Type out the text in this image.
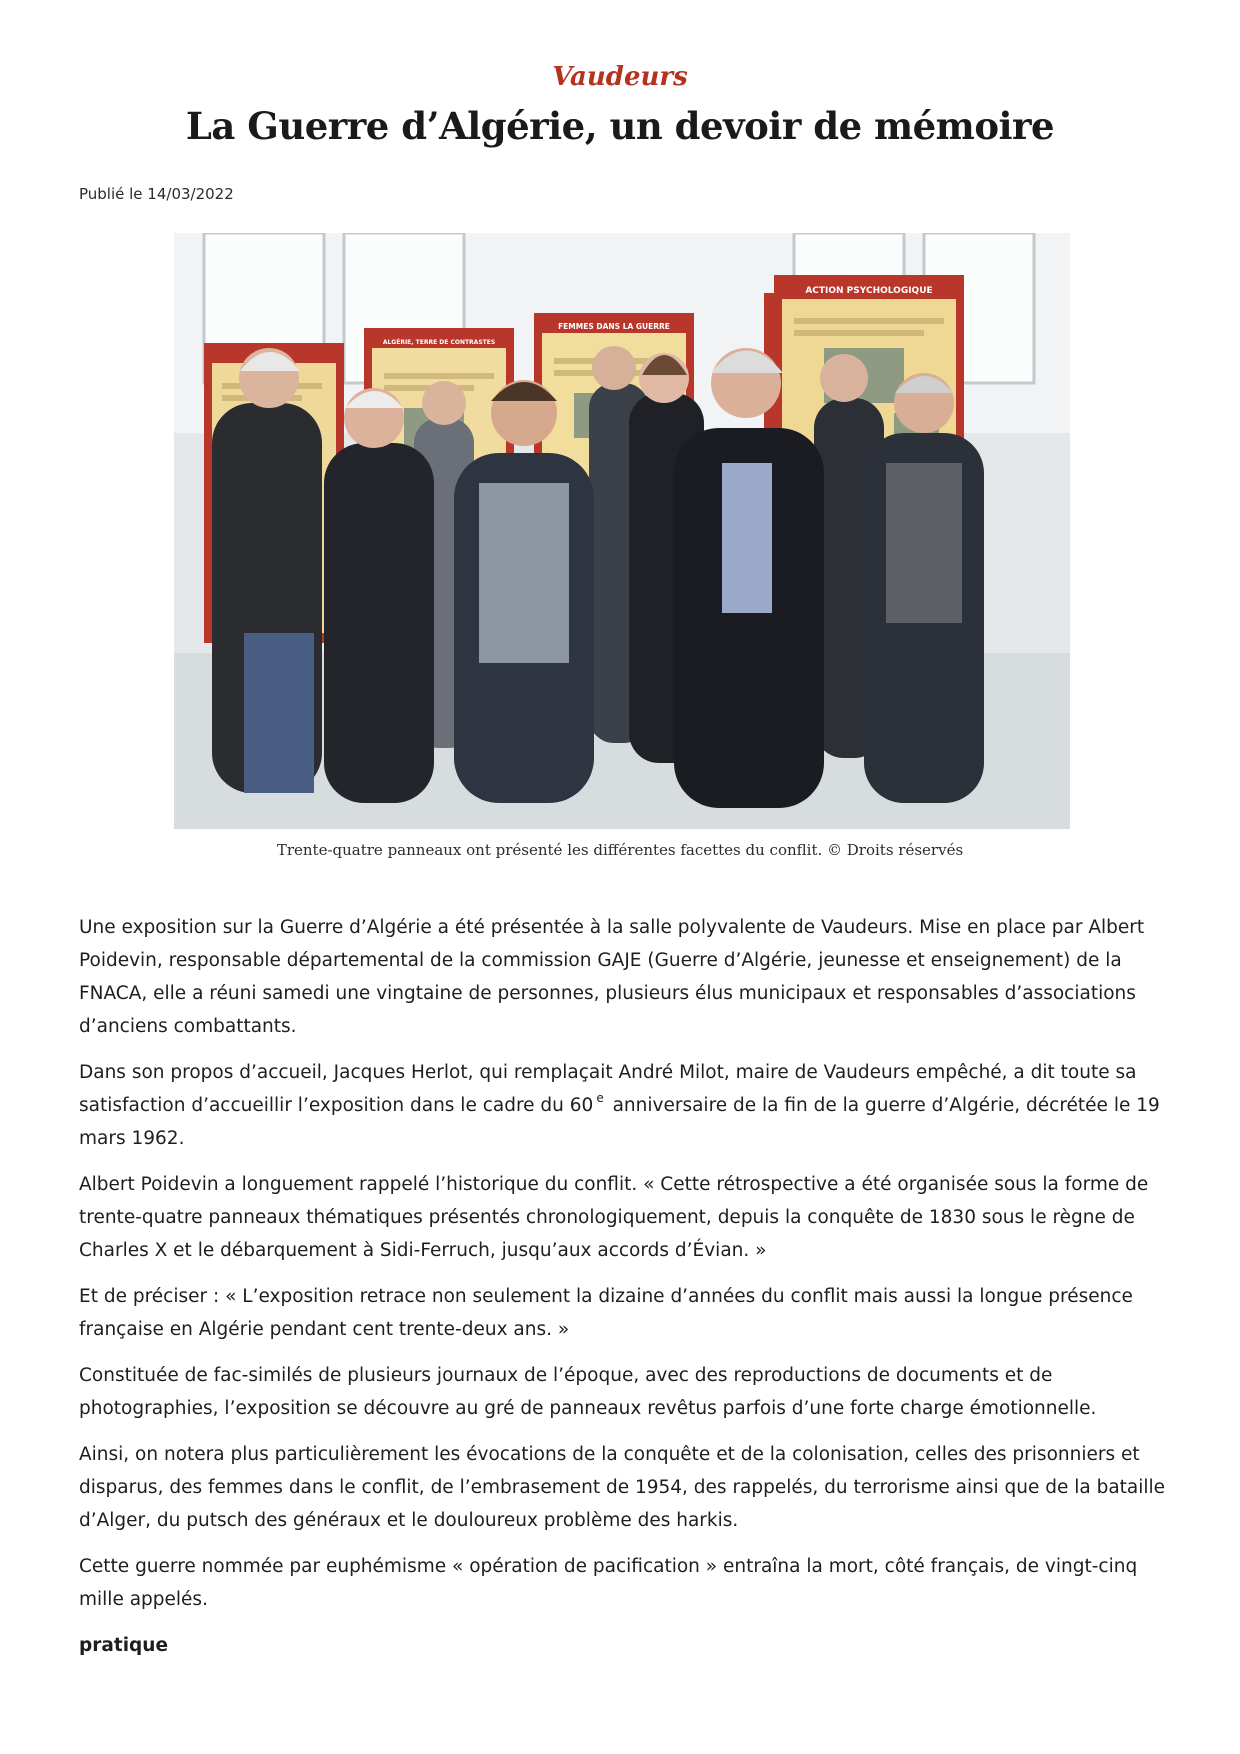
Vaudeurs
La Guerre d’Algérie, un devoir de mémoire
Publié le 14/03/2022
ACTION PSYCHOLOGIQUE
FEMMES DANS LA GUERRE
ALGÉRIE, TERRE DE CONTRASTES
Trente-quatre panneaux ont présenté les différentes facettes du conflit. © Droits réservés

Une exposition sur la Guerre d’Algérie a été présentée à la salle polyvalente de Vaudeurs. Mise en place par Albert Poidevin, responsable départemental de la commission GAJE (Guerre d’Algérie, jeunesse et enseignement) de la FNACA, elle a réuni samedi une vingtaine de personnes, plusieurs élus municipaux et responsables d’associations d’anciens combattants.

Dans son propos d’accueil, Jacques Herlot, qui remplaçait André Milot, maire de Vaudeurs empêché, a dit toute sa satisfaction d’accueillir l’exposition dans le cadre du 60 $^e$ anniversaire de la fin de la guerre d’Algérie, décrétée le 19 mars 1962.

Albert Poidevin a longuement rappelé l’historique du conflit. « Cette rétrospective a été organisée sous la forme de trente-quatre panneaux thématiques présentés chronologiquement, depuis la conquête de 1830 sous le règne de Charles X et le débarquement à Sidi-Ferruch, jusqu’aux accords d’Évian. »

Et de préciser : « L’exposition retrace non seulement la dizaine d’années du conflit mais aussi la longue présence française en Algérie pendant cent trente-deux ans. »

Constituée de fac-similés de plusieurs journaux de l’époque, avec des reproductions de documents et de photographies, l’exposition se découvre au gré de panneaux revêtus parfois d’une forte charge émotionnelle.

Ainsi, on notera plus particulièrement les évocations de la conquête et de la colonisation, celles des prisonniers et disparus, des femmes dans le conflit, de l’embrasement de 1954, des rappelés, du terrorisme ainsi que de la bataille d’Alger, du putsch des généraux et le douloureux problème des harkis.

Cette guerre nommée par euphémisme « opération de pacification » entraîna la mort, côté français, de vingt-cinq mille appelés.

pratique
